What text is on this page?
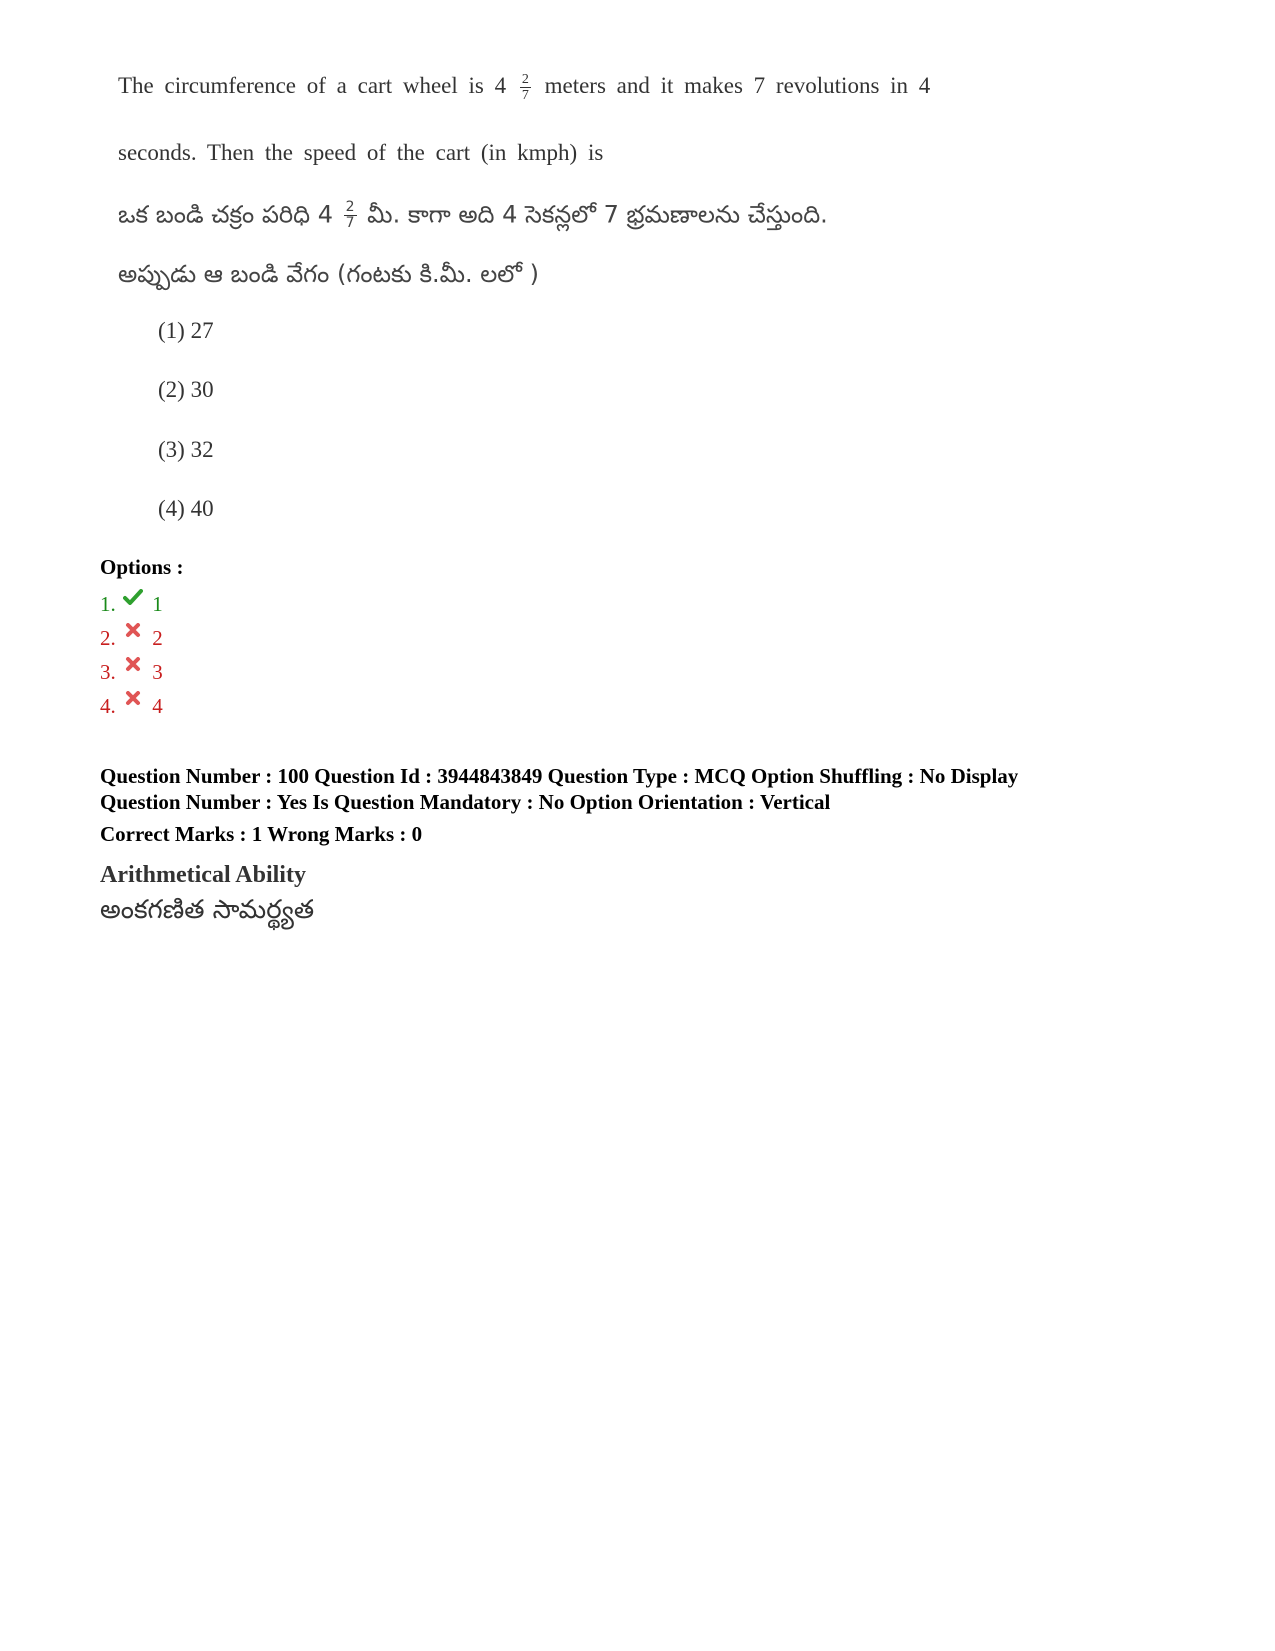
The circumference of a cart wheel is $4 \frac{2}{7}$ meters and it makes 7 revolutions in 4
seconds. Then the speed of the cart (in kmph) is
ఒక బండి చక్రం పరిధి $4 \frac{2}{7}$ మీ. కాగా అది 4 సెకన్లలో 7 భ్రమణాలను చేస్తుంది.
అప్పుడు ఆ బండి వేగం (గంటకు కి.మీ. లలో )
(1) 27
(2) 30
(3) 32
(4) 40
Options :
1. 1
2. 2
3. 3
4. 4
Question Number : 100 Question Id : 3944843849 Question Type : MCQ Option Shuffling : No Display
Question Number : Yes Is Question Mandatory : No Option Orientation : Vertical
Correct Marks : 1 Wrong Marks : 0
Arithmetical Ability
అంకగణిత సామర్థ్యత
